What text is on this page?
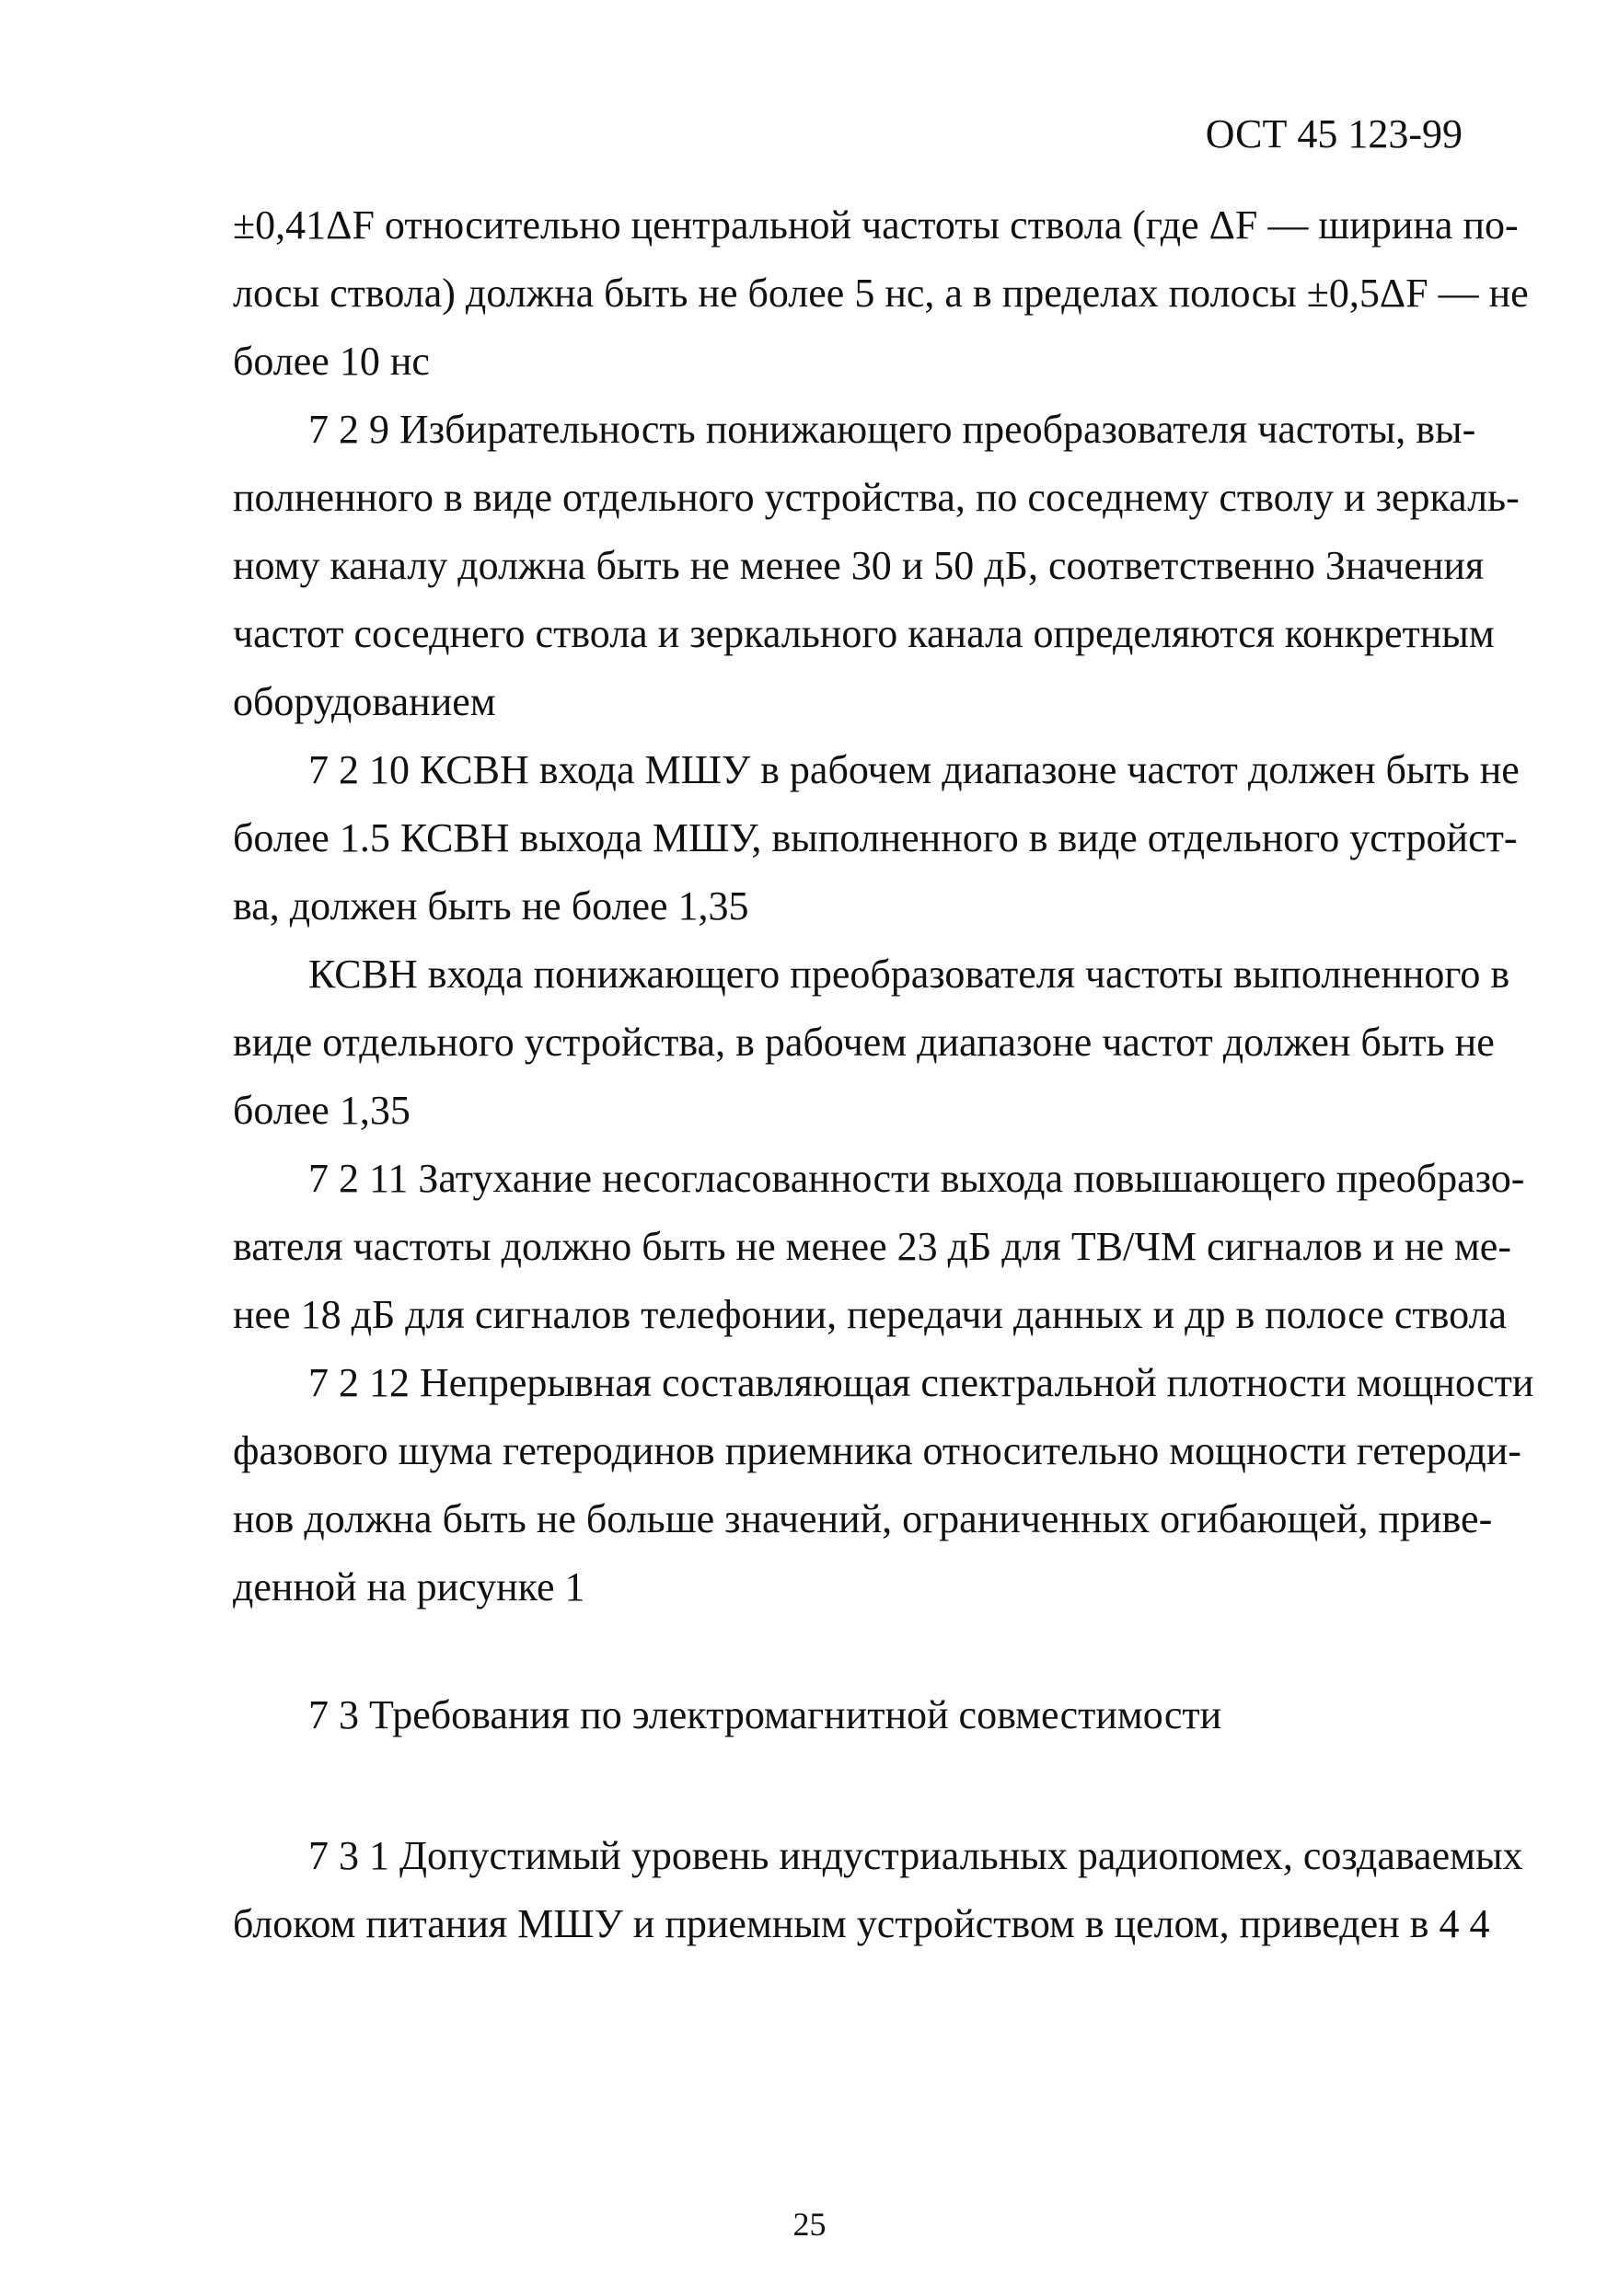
ОСТ 45 123-99
±0,41ΔF относительно центральной частоты ствола (где ΔF — ширина по-
лосы ствола) должна быть не более 5 нс, а в пределах полосы ±0,5ΔF — не
более 10 нс
7 2 9 Избирательность понижающего преобразователя частоты, вы-
полненного в виде отдельного устройства, по соседнему стволу и зеркаль-
ному каналу должна быть не менее 30 и 50 дБ, соответственно Значения
частот соседнего ствола и зеркального канала определяются конкретным
оборудованием
7 2 10 КСВН входа МШУ в рабочем диапазоне частот должен быть не
более 1.5 КСВН выхода МШУ, выполненного в виде отдельного устройст-
ва, должен быть не более 1,35
КСВН входа понижающего преобразователя частоты выполненного в
виде отдельного устройства, в рабочем диапазоне частот должен быть не
более 1,35
7 2 11 Затухание несогласованности выхода повышающего преобразо-
вателя частоты должно быть не менее 23 дБ для ТВ/ЧМ сигналов и не ме-
нее 18 дБ для сигналов телефонии, передачи данных и др в полосе ствола
7 2 12 Непрерывная составляющая спектральной плотности мощности
фазового шума гетеродинов приемника относительно мощности гетероди-
нов должна быть не больше значений, ограниченных огибающей, приве-
денной на рисунке 1
7 3 Требования по электромагнитной совместимости
7 3 1 Допустимый уровень индустриальных радиопомех, создаваемых
блоком питания МШУ и приемным устройством в целом, приведен в 4 4
25
